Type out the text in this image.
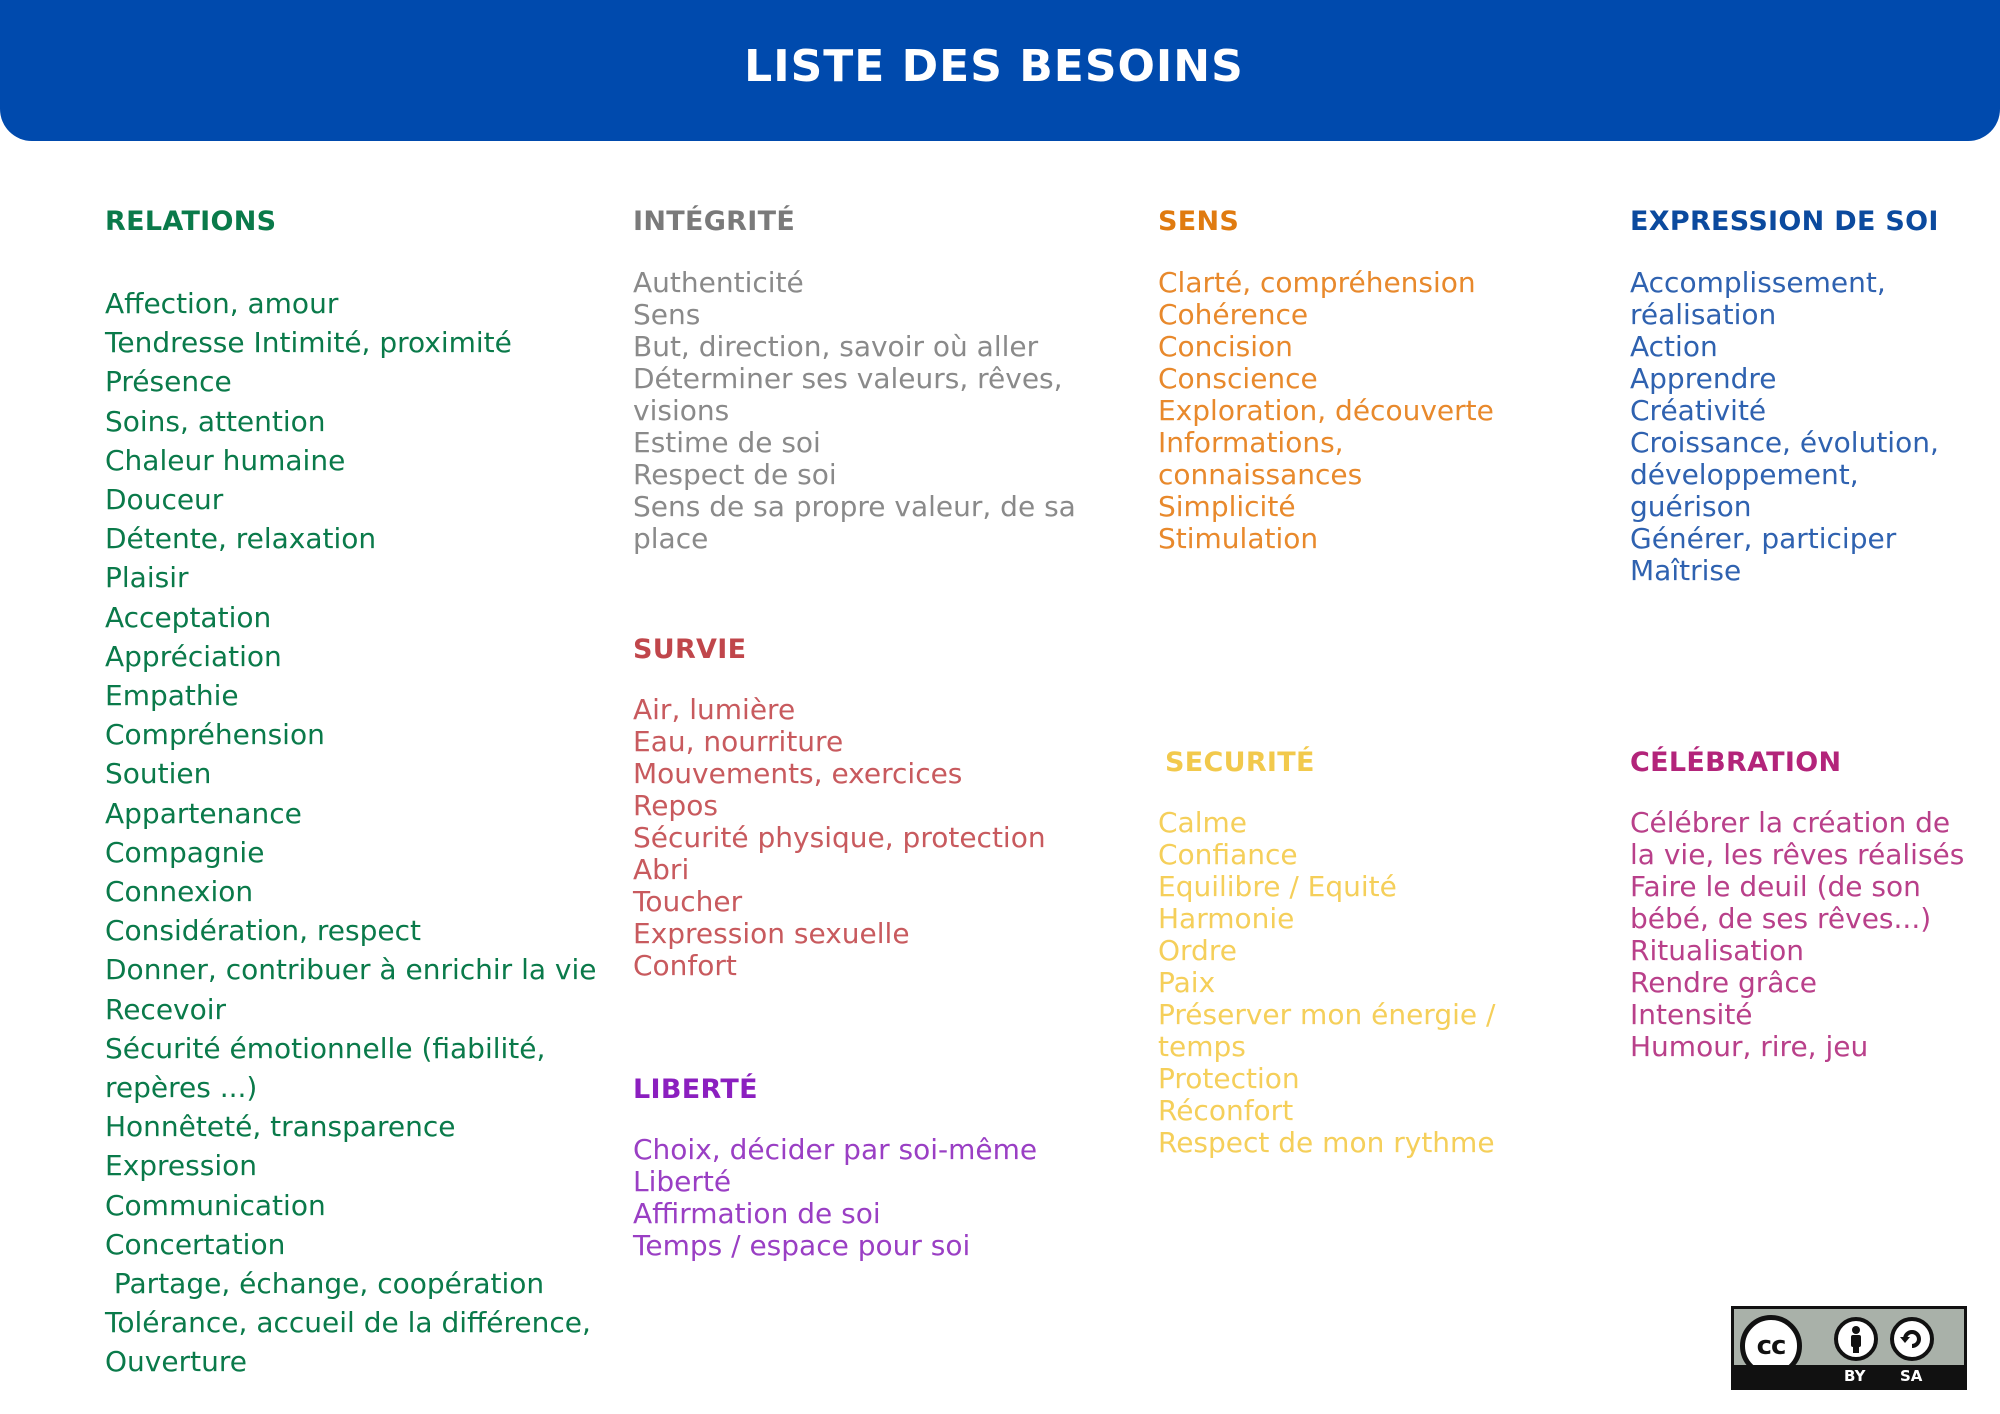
LISTE DES BESOINS
RELATIONS
Affection, amour
Tendresse Intimité, proximité
Présence
Soins, attention
Chaleur humaine
Douceur
Détente, relaxation
Plaisir
Acceptation
Appréciation
Empathie
Compréhension
Soutien
Appartenance
Compagnie
Connexion
Considération, respect
Donner, contribuer à enrichir la vie
Recevoir
Sécurité émotionnelle (fiabilité,
repères ...)
Honnêteté, transparence
Expression
Communication
Concertation
Partage, échange, coopération
Tolérance, accueil de la différence,
Ouverture
INTÉGRITÉ
Authenticité
Sens
But, direction, savoir où aller
Déterminer ses valeurs, rêves,
visions
Estime de soi
Respect de soi
Sens de sa propre valeur, de sa
place
SURVIE
Air, lumière
Eau, nourriture
Mouvements, exercices
Repos
Sécurité physique, protection
Abri
Toucher
Expression sexuelle
Confort
LIBERTÉ
Choix, décider par soi-même
Liberté
Affirmation de soi
Temps / espace pour soi
SENS
Clarté, compréhension
Cohérence
Concision
Conscience
Exploration, découverte
Informations,
connaissances
Simplicité
Stimulation
SECURITÉ
Calme
Confiance
Equilibre / Equité
Harmonie
Ordre
Paix
Préserver mon énergie /
temps
Protection
Réconfort
Respect de mon rythme
EXPRESSION DE SOI
Accomplissement,
réalisation
Action
Apprendre
Créativité
Croissance, évolution,
développement,
guérison
Générer, participer
Maîtrise
CÉLÉBRATION
Célébrer la création de
la vie, les rêves réalisés
Faire le deuil (de son
bébé, de ses rêves...)
Ritualisation
Rendre grâce
Intensité
Humour, rire, jeu
cc
BY SA
